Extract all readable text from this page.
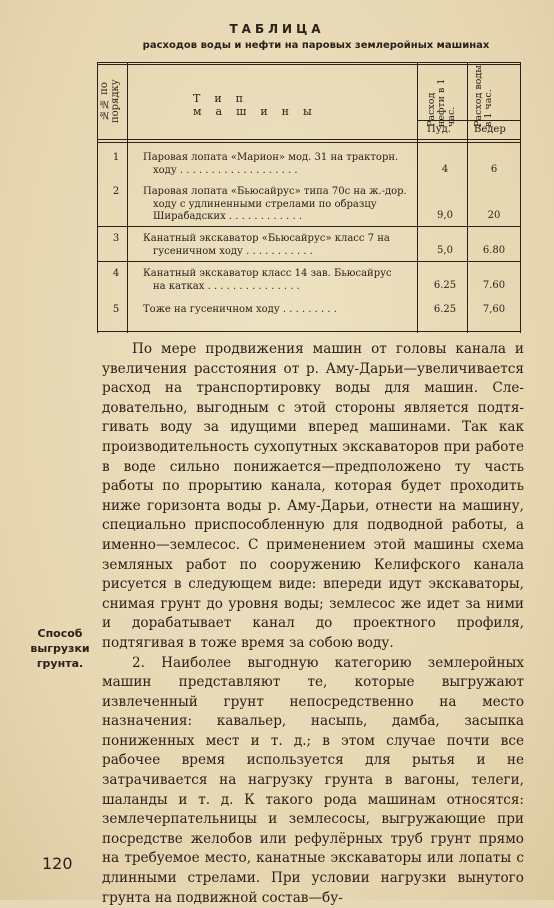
ТАБЛИЦА
расходов воды и нефти на паровых землеройных машинах
№№ по порядку	Тип машины	Расход нефти в 1 час. Расход воды в 1 час.
Пуд. Ведер
1	Паровая лопата «Марион» мод. 31 на тракторн.
ходу . . . . . . . . . . . . . . . . . . .	4	6
2	Паровая лопата «Бьюсайрус» типа 70с на ж.-дор.
ходу с удлиненными стрелами по образцу
Ширабадских . . . . . . . . . . . .	9,0	20
3	Канатный экскаватор «Бьюсайрус» класс 7 на
гусеничном ходу . . . . . . . . . . .	5,0	6.80
4	Канатный экскаватор класс 14 зав. Бьюсайрус
на катках . . . . . . . . . . . . . . .	6.25	7.60
5	Тоже на гусеничном ходу . . . . . . . . .	6.25	7,60

По мере продвижения машин от головы канала и увеличения расстояния от р. Аму-Дарьи—увеличивается расход на транспортировку воды для машин. Следовательно, выгодным с этой стороны является подтягивать воду за идущими вперед машинами. Так как производительность сухопутных экскаваторов при работе в воде сильно понижается—предположено ту часть работы по прорытию канала, которая будет проходить ниже горизонта воды р. Аму-Дарьи, отнести на машину, специально приспособленную для подводной работы, а именно—землесос. С применением этой машины схема земляных работ по сооружению Келифского канала рисуется в следующем виде: впереди идут экскаваторы, снимая грунт до уровня воды; землесос же идет за ними и дорабатывает канал до проектного профиля, подтягивая в тоже время за собою воду.

2. Наиболее выгодную категорию землеройных машин представляют те, которые выгружают извлеченный грунт непосредственно на место назначения: кавальер, насыпь, дамба, засыпка пониженных мест и т. д.; в этом случае почти все рабочее время используется для рытья и не затрачивается на нагрузку грунта в вагоны, телеги, шаланды и т. д. К такого рода машинам относятся: землечерпательницы и землесосы, выгружающие при посредстве желобов или рефулёрных труб грунт прямо на требуемое место, канатные экскаваторы или лопаты с длинными стрелами. При условии нагрузки вынутого грунта на подвижной состав—бу-

Способ выгрузки грунта.
120
